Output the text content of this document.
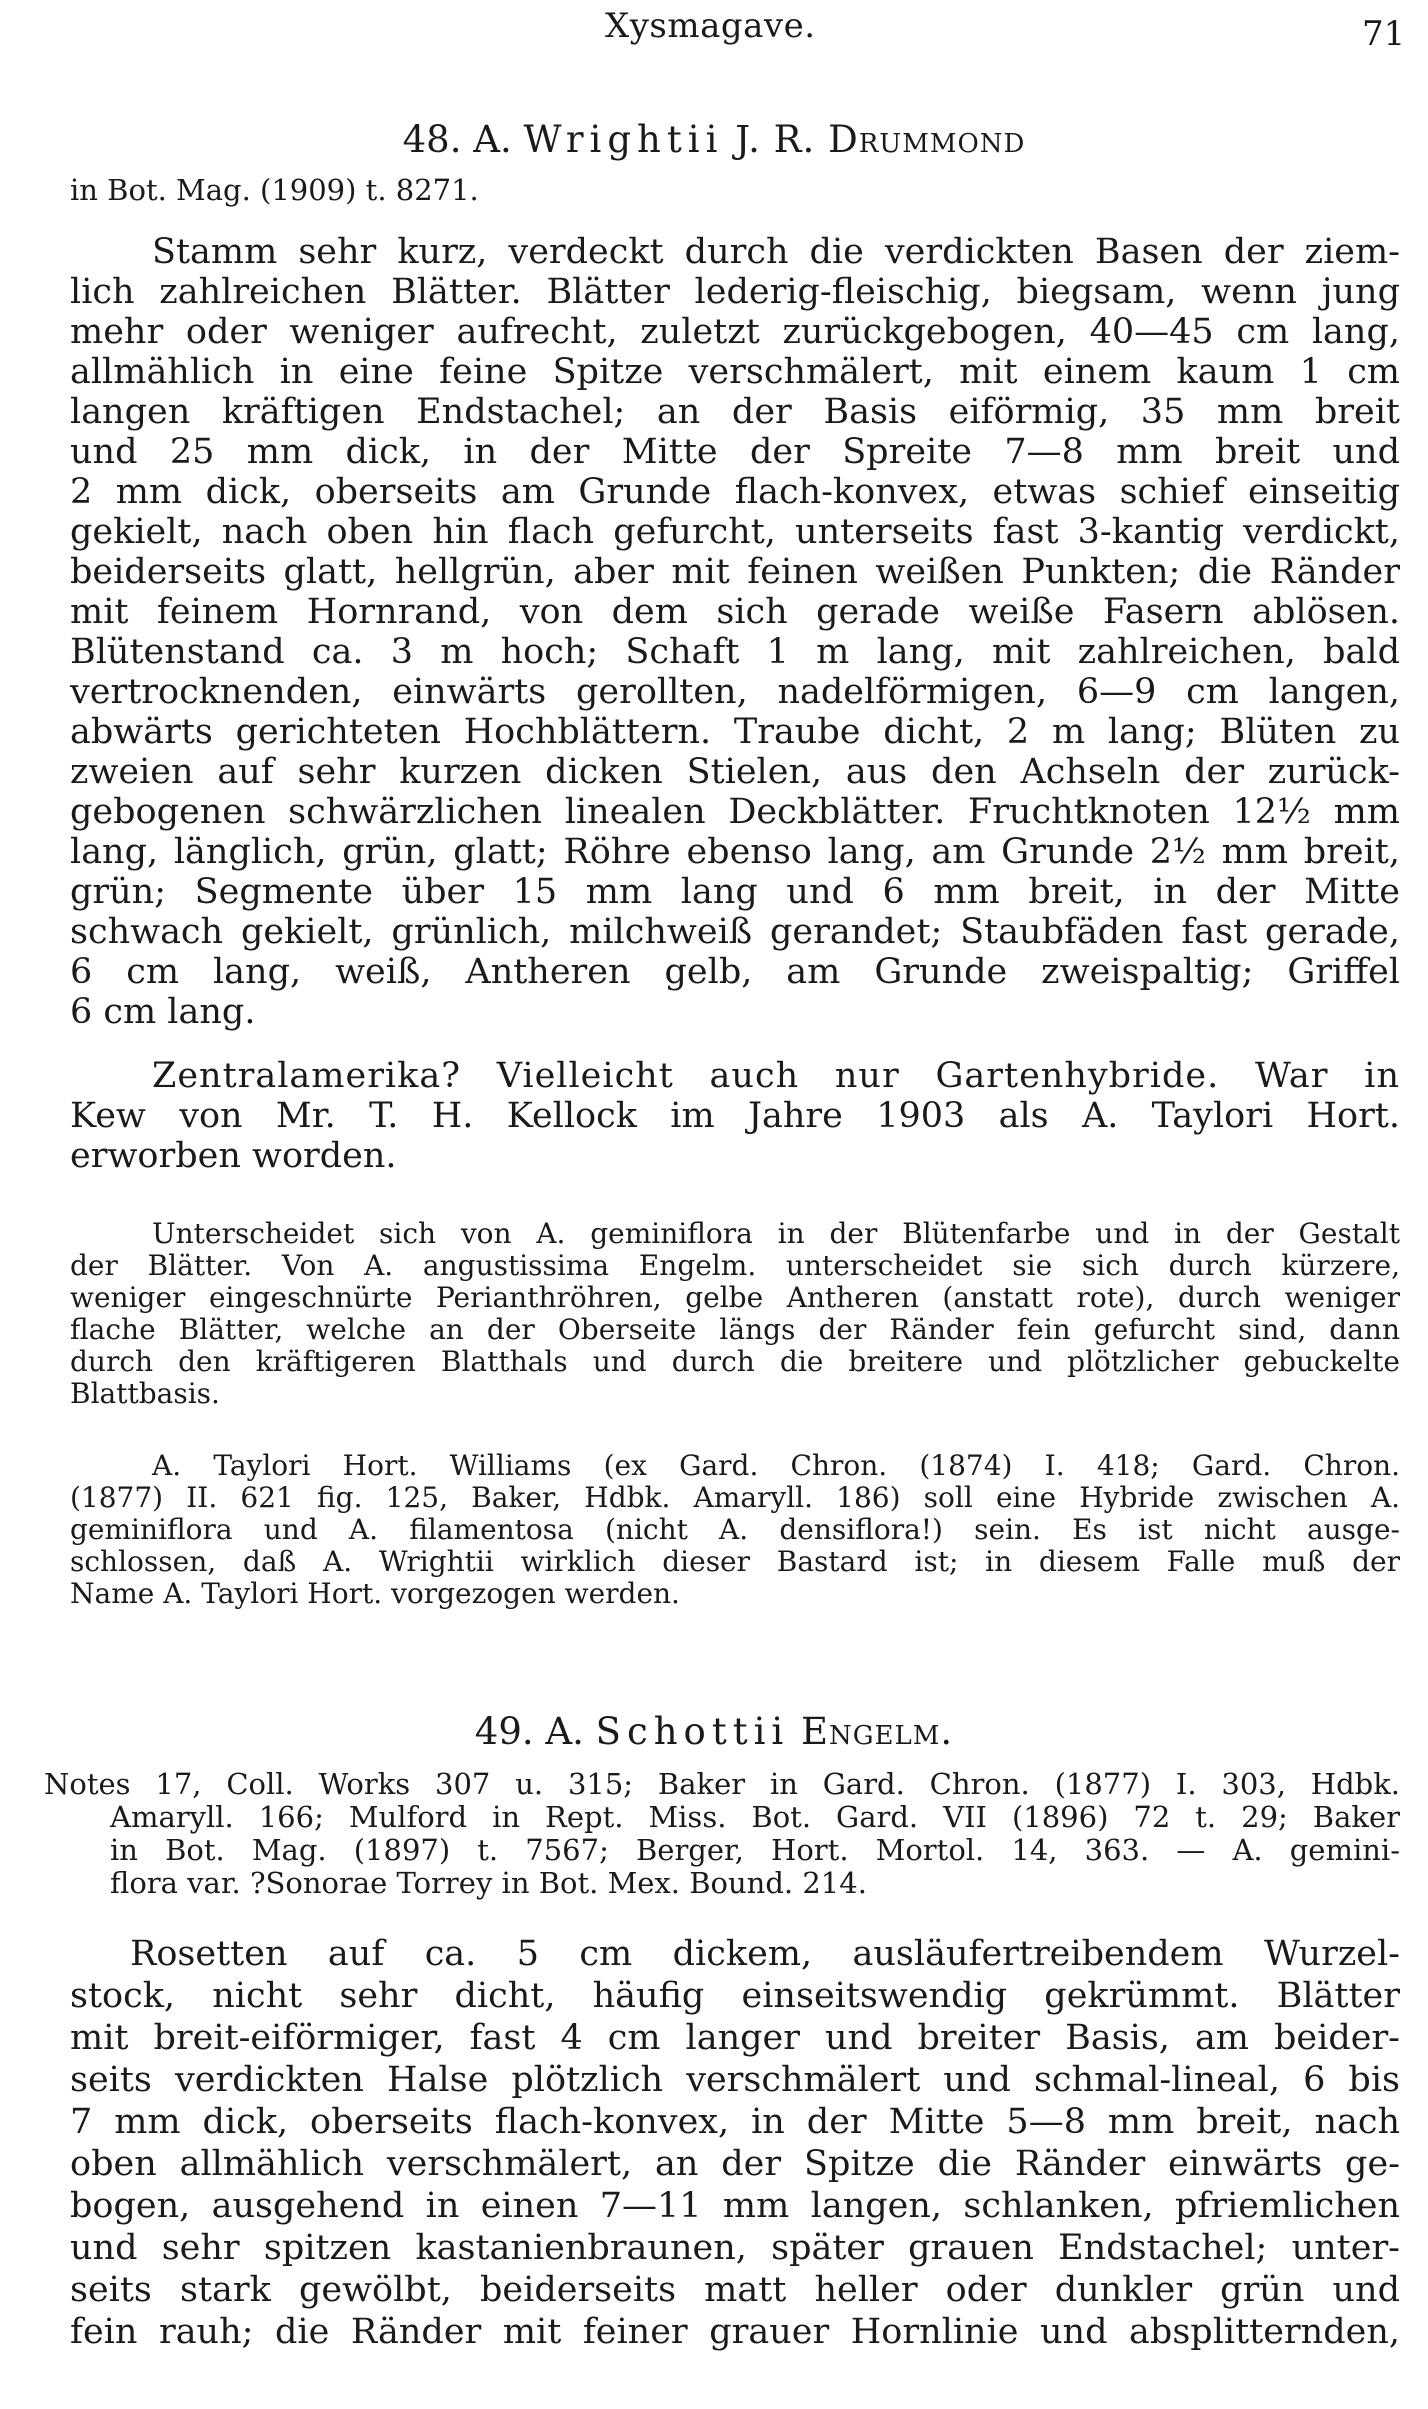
Xysmagave.	71
48. A. Wrightii J. R. Drummond
in Bot. Mag. (1909) t. 8271.
Stamm sehr kurz, verdeckt durch die verdickten Basen der ziem-
lich zahlreichen Blätter. Blätter lederig-fleischig, biegsam, wenn jung
mehr oder weniger aufrecht, zuletzt zurückgebogen, 40—45 cm lang,
allmählich in eine feine Spitze verschmälert, mit einem kaum 1 cm
langen kräftigen Endstachel; an der Basis eiförmig, 35 mm breit
und 25 mm dick, in der Mitte der Spreite 7—8 mm breit und
2 mm dick, oberseits am Grunde flach-konvex, etwas schief einseitig
gekielt, nach oben hin flach gefurcht, unterseits fast 3-kantig verdickt,
beiderseits glatt, hellgrün, aber mit feinen weißen Punkten; die Ränder
mit feinem Hornrand, von dem sich gerade weiße Fasern ablösen.
Blütenstand ca. 3 m hoch; Schaft 1 m lang, mit zahlreichen, bald
vertrocknenden, einwärts gerollten, nadelförmigen, 6—9 cm langen,
abwärts gerichteten Hochblättern. Traube dicht, 2 m lang; Blüten zu
zweien auf sehr kurzen dicken Stielen, aus den Achseln der zurück-
gebogenen schwärzlichen linealen Deckblätter. Fruchtknoten 12½ mm
lang, länglich, grün, glatt; Röhre ebenso lang, am Grunde 2½ mm breit,
grün; Segmente über 15 mm lang und 6 mm breit, in der Mitte
schwach gekielt, grünlich, milchweiß gerandet; Staubfäden fast gerade,
6 cm lang, weiß, Antheren gelb, am Grunde zweispaltig; Griffel
6 cm lang.
Zentralamerika? Vielleicht auch nur Gartenhybride. War in
Kew von Mr. T. H. Kellock im Jahre 1903 als A. Taylori Hort.
erworben worden.
Unterscheidet sich von A. geminiflora in der Blütenfarbe und in der Gestalt
der Blätter. Von A. angustissima Engelm. unterscheidet sie sich durch kürzere,
weniger eingeschnürte Perianthröhren, gelbe Antheren (anstatt rote), durch weniger
flache Blätter, welche an der Oberseite längs der Ränder fein gefurcht sind, dann
durch den kräftigeren Blatthals und durch die breitere und plötzlicher gebuckelte
Blattbasis.
A. Taylori Hort. Williams (ex Gard. Chron. (1874) I. 418; Gard. Chron.
(1877) II. 621 fig. 125, Baker, Hdbk. Amaryll. 186) soll eine Hybride zwischen A.
geminiflora und A. filamentosa (nicht A. densiflora!) sein. Es ist nicht ausge-
schlossen, daß A. Wrightii wirklich dieser Bastard ist; in diesem Falle muß der
Name A. Taylori Hort. vorgezogen werden.
49. A. Schottii Engelm.
Notes 17, Coll. Works 307 u. 315; Baker in Gard. Chron. (1877) I. 303, Hdbk.
Amaryll. 166; Mulford in Rept. Miss. Bot. Gard. VII (1896) 72 t. 29; Baker
in Bot. Mag. (1897) t. 7567; Berger, Hort. Mortol. 14, 363. — A. gemini-
flora var. ?Sonorae Torrey in Bot. Mex. Bound. 214.
Rosetten auf ca. 5 cm dickem, ausläufertreibendem Wurzel-
stock, nicht sehr dicht, häufig einseitswendig gekrümmt. Blätter
mit breit-eiförmiger, fast 4 cm langer und breiter Basis, am beider-
seits verdickten Halse plötzlich verschmälert und schmal-lineal, 6 bis
7 mm dick, oberseits flach-konvex, in der Mitte 5—8 mm breit, nach
oben allmählich verschmälert, an der Spitze die Ränder einwärts ge-
bogen, ausgehend in einen 7—11 mm langen, schlanken, pfriemlichen
und sehr spitzen kastanienbraunen, später grauen Endstachel; unter-
seits stark gewölbt, beiderseits matt heller oder dunkler grün und
fein rauh; die Ränder mit feiner grauer Hornlinie und absplitternden,
